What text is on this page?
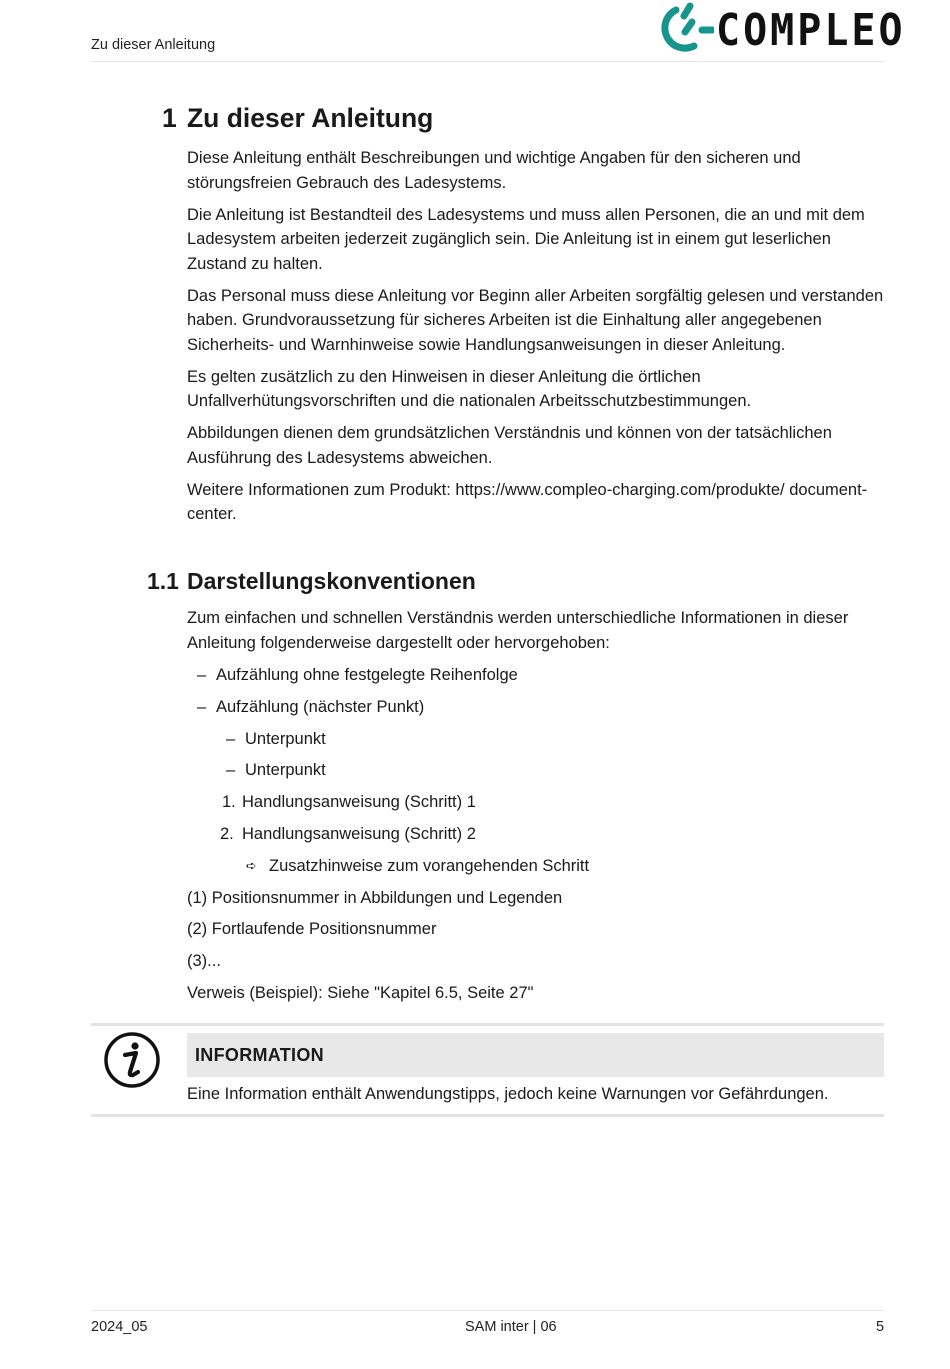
Zu dieser Anleitung	COMPLEO
1 Zu dieser Anleitung

Diese Anleitung enthält Beschreibungen und wichtige Angaben für den sicheren und störungsfreien Gebrauch des Ladesystems.

Die Anleitung ist Bestandteil des Ladesystems und muss allen Personen, die an und mit dem Ladesystem arbeiten jederzeit zugänglich sein. Die Anleitung ist in einem gut leserlichen Zustand zu halten.

Das Personal muss diese Anleitung vor Beginn aller Arbeiten sorgfältig gelesen und verstanden haben. Grundvoraussetzung für sicheres Arbeiten ist die Einhaltung aller angegebenen Sicherheits- und Warnhinweise sowie Handlungsanweisungen in dieser Anleitung.

Es gelten zusätzlich zu den Hinweisen in dieser Anleitung die örtlichen Unfallverhütungsvorschriften und die nationalen Arbeitsschutzbestimmungen.

Abbildungen dienen dem grundsätzlichen Verständnis und können von der tatsächlichen Ausführung des Ladesystems abweichen.

Weitere Informationen zum Produkt: https://www.compleo-charging.com/produkte/ document-center.

1.1 Darstellungskonventionen

Zum einfachen und schnellen Verständnis werden unterschiedliche Informationen in dieser Anleitung folgenderweise dargestellt oder hervorgehoben:

– Aufzählung ohne festgelegte Reihenfolge
– Aufzählung (nächster Punkt)
– Unterpunkt
– Unterpunkt
1. Handlungsanweisung (Schritt) 1
2. Handlungsanweisung (Schritt) 2
➪ Zusatzhinweise zum vorangehenden Schritt
(1) Positionsnummer in Abbildungen und Legenden
(2) Fortlaufende Positionsnummer
(3)...
Verweis (Beispiel): Siehe "Kapitel 6.5, Seite 27"
INFORMATION
Eine Information enthält Anwendungstipps, jedoch keine Warnungen vor Gefährdungen.
2024_05	SAM inter | 06	5
